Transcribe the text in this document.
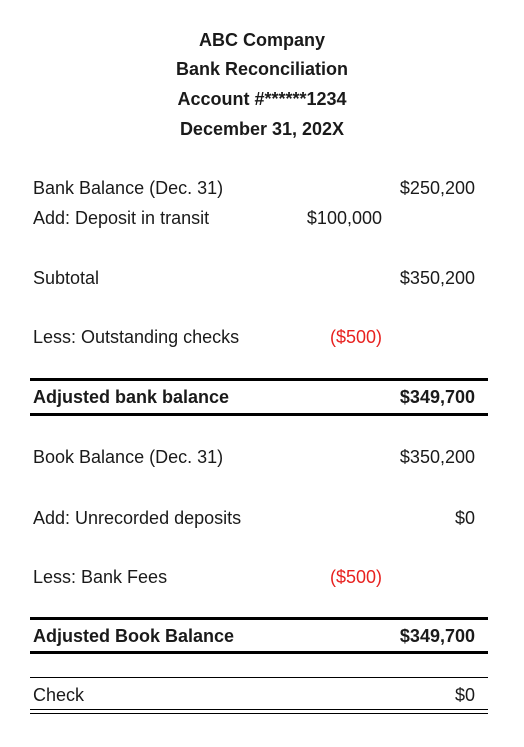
ABC Company
Bank Reconciliation
Account #******1234
December 31, 202X
Bank Balance (Dec. 31)	$250,200
Add: Deposit in transit	$100,000
Subtotal	$350,200
Less: Outstanding checks	($500)
Adjusted bank balance	$349,700
Book Balance (Dec. 31)	$350,200
Add: Unrecorded deposits	$0
Less: Bank Fees	($500)
Adjusted Book Balance	$349,700
Check	$0
